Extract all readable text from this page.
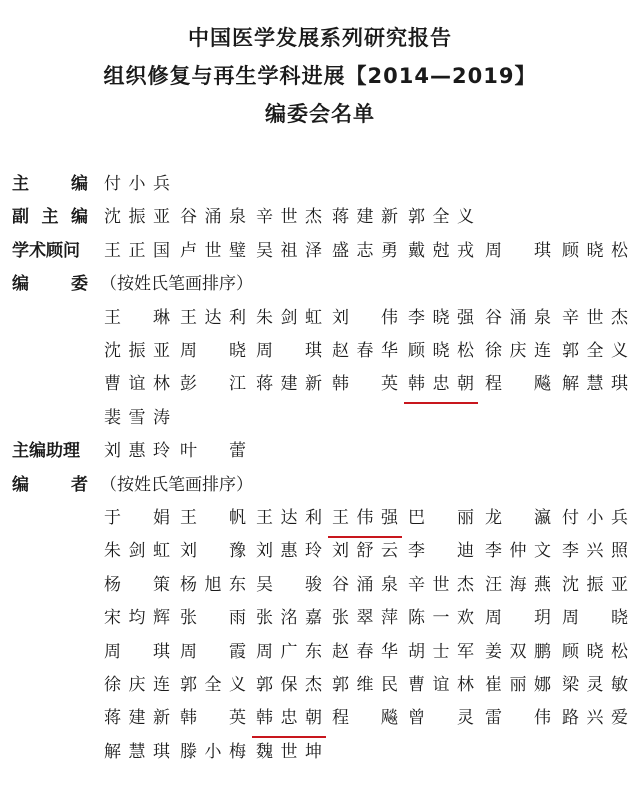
中国医学发展系列研究报告
组织修复与再生学科进展【2014—2019】
编委会名单
主 编 付 小 兵
副 主 编 沈 振 亚 谷 涌 泉 辛 世 杰 蒋 建 新 郭 全 义
学术顾问	王 正 国 卢 世 璧 吴 祖 泽 盛 志 勇 戴 尅 戎 周 琪 顾 晓 松
编 委 （按姓氏笔画排序）
王 琳 王 达 利 朱 剑 虹 刘 伟 李 晓 强 谷 涌 泉 辛 世 杰
沈 振 亚 周 晓 周 琪 赵 春 华 顾 晓 松 徐 庆 连 郭 全 义
曹 谊 林 彭 江 蒋 建 新 韩 英 韩 忠 朝 程 飚 解 慧 琪
裴 雪 涛
主编助理	刘 惠 玲 叶 蕾
编 者 （按姓氏笔画排序）
于 娟 王 帆 王 达 利 王 伟 强 巴 丽 龙 瀛 付 小 兵
朱 剑 虹 刘 豫 刘 惠 玲 刘 舒 云 李 迪 李 仲 文 李 兴 照
杨 策 杨 旭 东 吴 骏 谷 涌 泉 辛 世 杰 汪 海 燕 沈 振 亚
宋 均 辉 张 雨 张 洺 嘉 张 翠 萍 陈 一 欢 周 玥 周 晓
周 琪 周 霞 周 广 东 赵 春 华 胡 士 军 姜 双 鹏 顾 晓 松
徐 庆 连 郭 全 义 郭 保 杰 郭 维 民 曹 谊 林 崔 丽 娜 梁 灵 敏
蒋 建 新 韩 英 韩 忠 朝 程 飚 曾 灵 雷 伟 路 兴 爱
解 慧 琪 滕 小 梅 魏 世 坤
